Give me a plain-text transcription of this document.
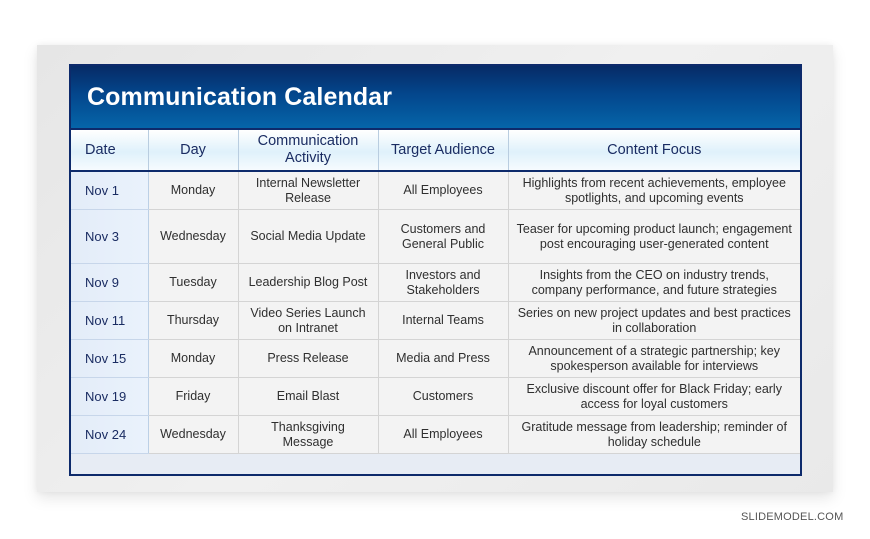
Communication Calendar
Date	Day	Communication Activity	Target Audience	Content Focus
Nov 1	Monday	Internal Newsletter Release	All Employees	Highlights from recent achievements, employee spotlights, and upcoming events
Nov 3	Wednesday	Social Media Update	Customers and General Public	Teaser for upcoming product launch; engagement post encouraging user-generated content
Nov 9	Tuesday	Leadership Blog Post	Investors and Stakeholders	Insights from the CEO on industry trends, company performance, and future strategies
Nov 11	Thursday	Video Series Launch on Intranet	Internal Teams	Series on new project updates and best practices in collaboration
Nov 15	Monday	Press Release	Media and Press	Announcement of a strategic partnership; key spokesperson available for interviews
Nov 19	Friday	Email Blast	Customers	Exclusive discount offer for Black Friday; early access for loyal customers
Nov 24	Wednesday	Thanksgiving Message	All Employees	Gratitude message from leadership; reminder of holiday schedule
SLIDEMODEL.COM
